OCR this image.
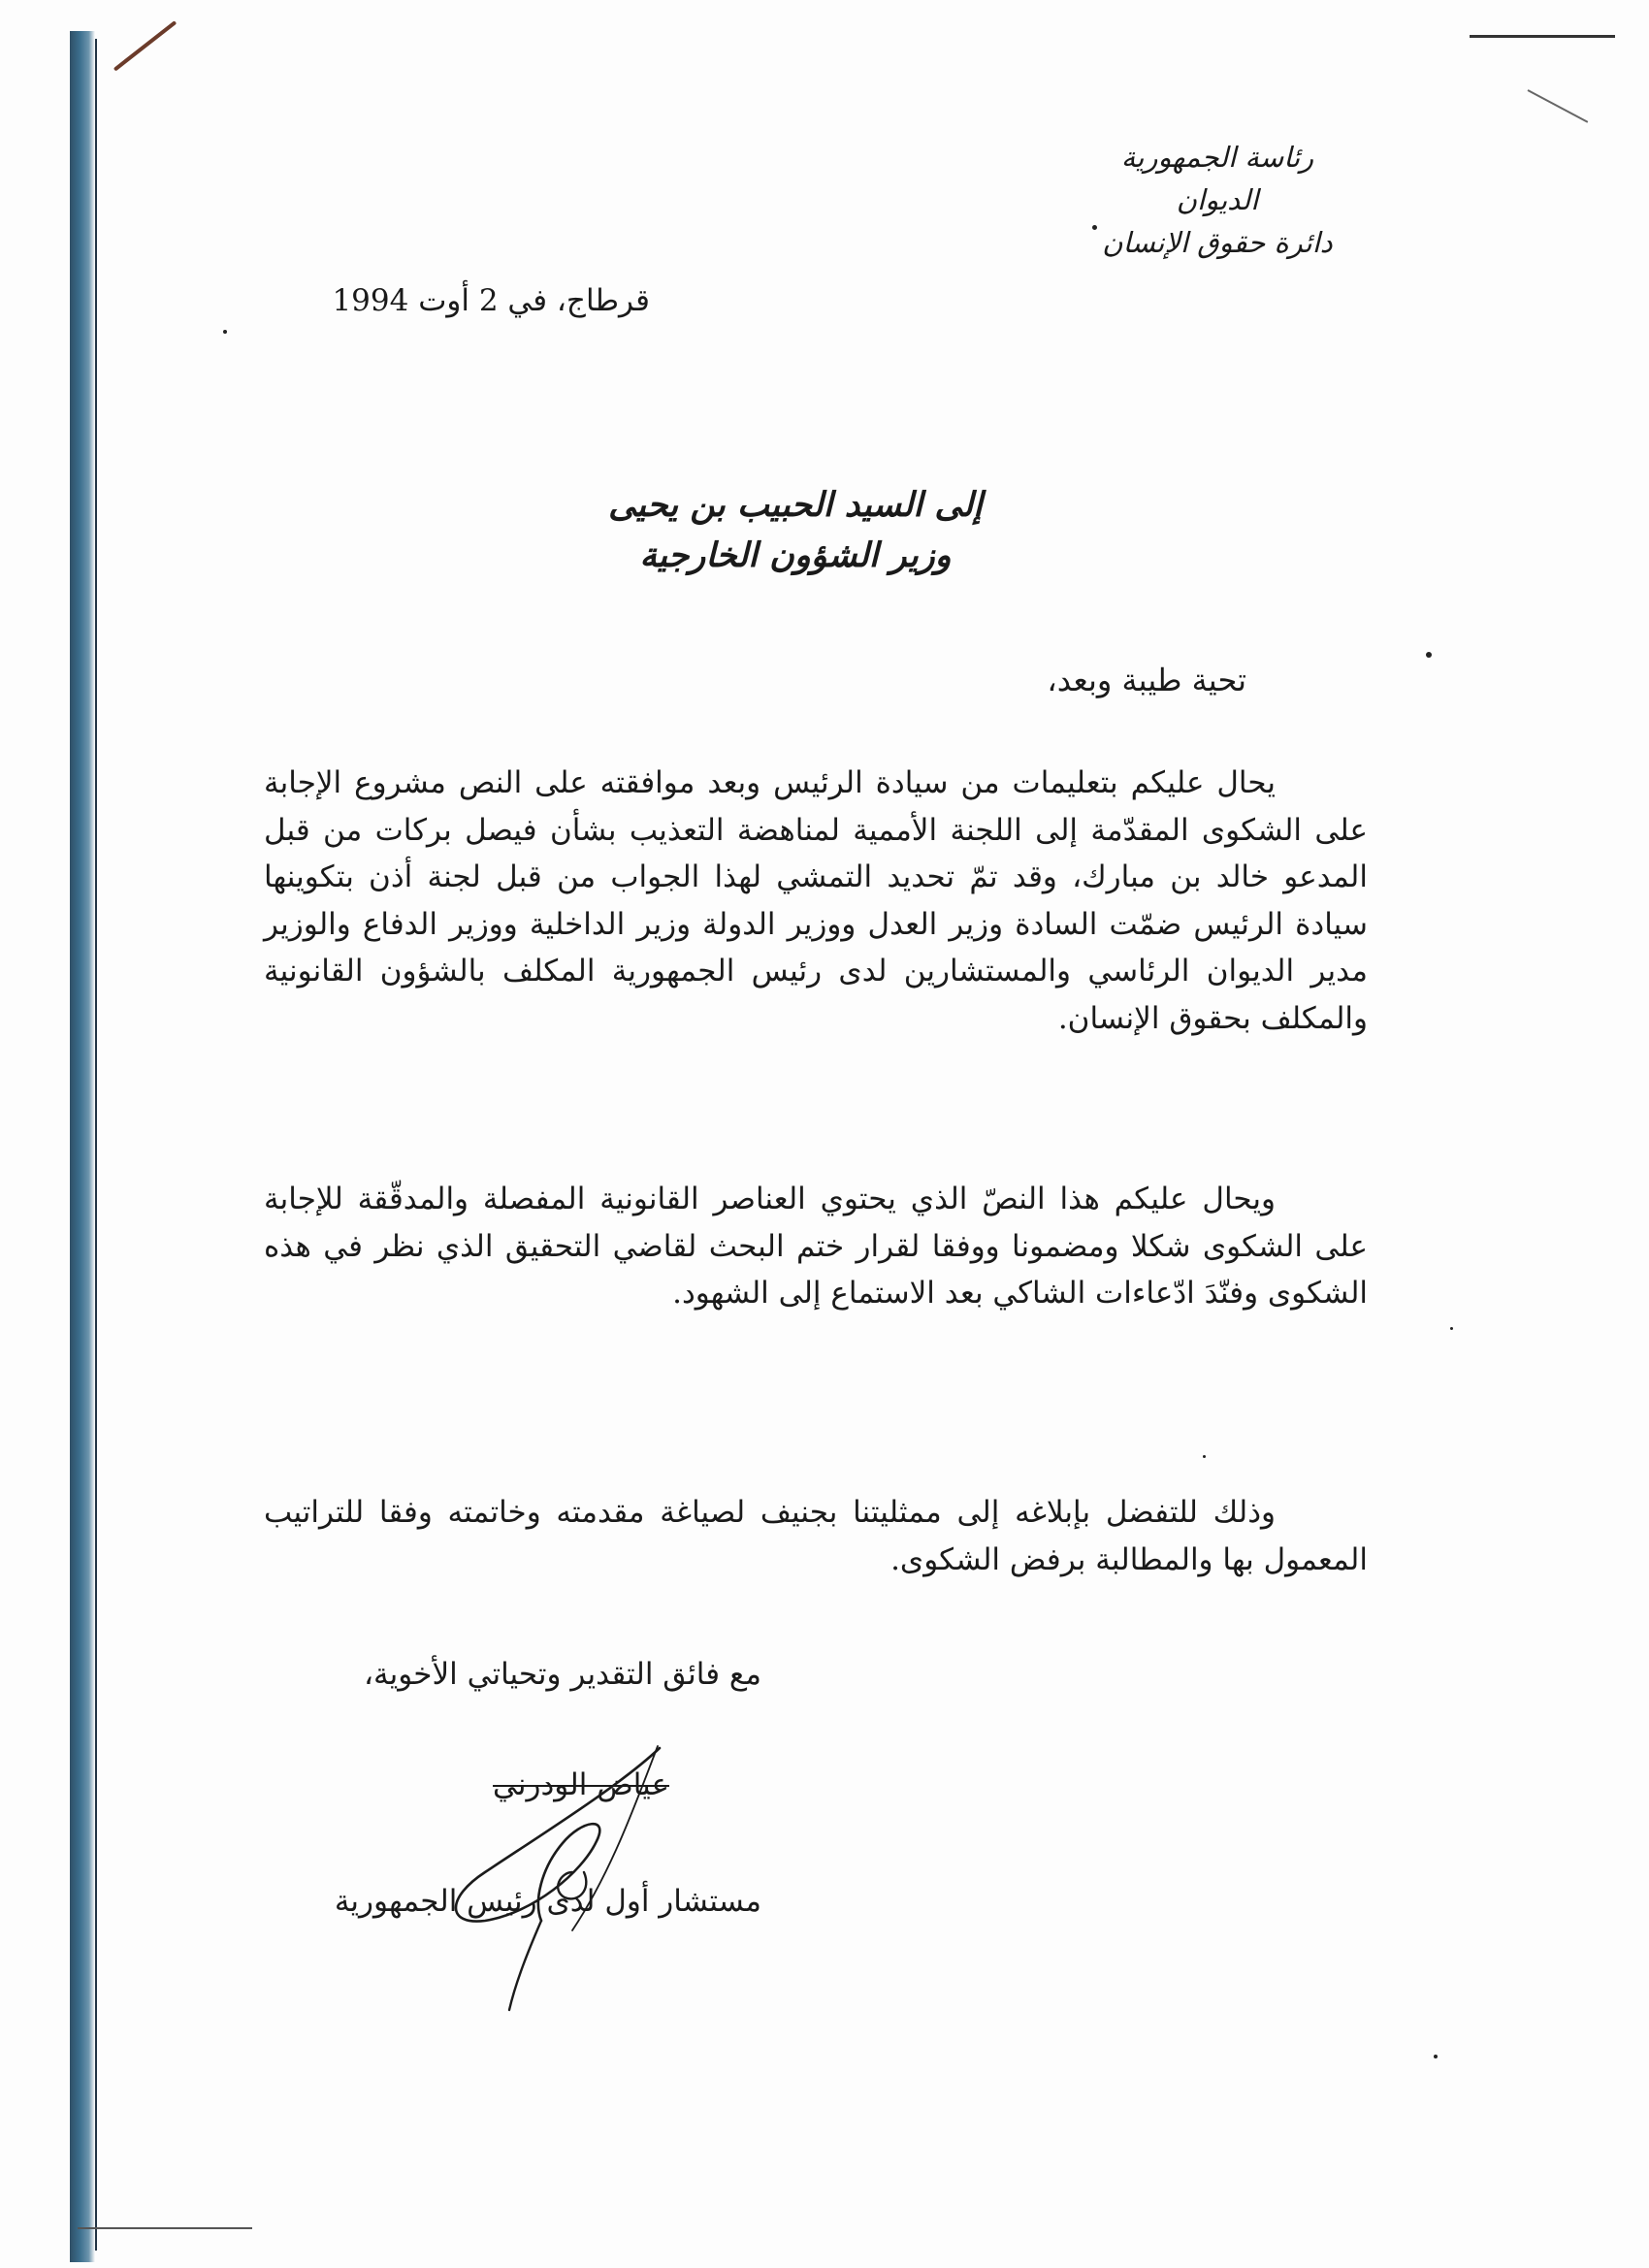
رئاسة الجمهورية
الديوان
دائرة حقوق الإنسان
قرطاج، في 2 أوت 1994
إلى السيد الحبيب بن يحيى
وزير الشؤون الخارجية
تحية طيبة وبعد،

يحال عليكم بتعليمات من سيادة الرئيس وبعد موافقته على النص مشروع الإجابة على الشكوى المقدّمة إلى اللجنة الأممية لمناهضة التعذيب بشأن فيصل بركات من قبل المدعو خالد بن مبارك، وقد تمّ تحديد التمشي لهذا الجواب من قبل لجنة أذن بتكوينها سيادة الرئيس ضمّت السادة وزير العدل ووزير الدولة وزير الداخلية ووزير الدفاع والوزير مدير الديوان الرئاسي والمستشارين لدى رئيس الجمهورية المكلف بالشؤون القانونية والمكلف بحقوق الإنسان.

ويحال عليكم هذا النصّ الذي يحتوي العناصر القانونية المفصلة والمدقّقة للإجابة على الشكوى شكلا ومضمونا ووفقا لقرار ختم البحث لقاضي التحقيق الذي نظر في هذه الشكوى وفنّدَ ادّعاءات الشاكي بعد الاستماع إلى الشهود.

وذلك للتفضل بإبلاغه إلى ممثليتنا بجنيف لصياغة مقدمته وخاتمته وفقا للتراتيب المعمول بها والمطالبة برفض الشكوى.

مع فائق التقدير وتحياتي الأخوية،
عياض الودرني
مستشار أول لدى رئيس الجمهورية
